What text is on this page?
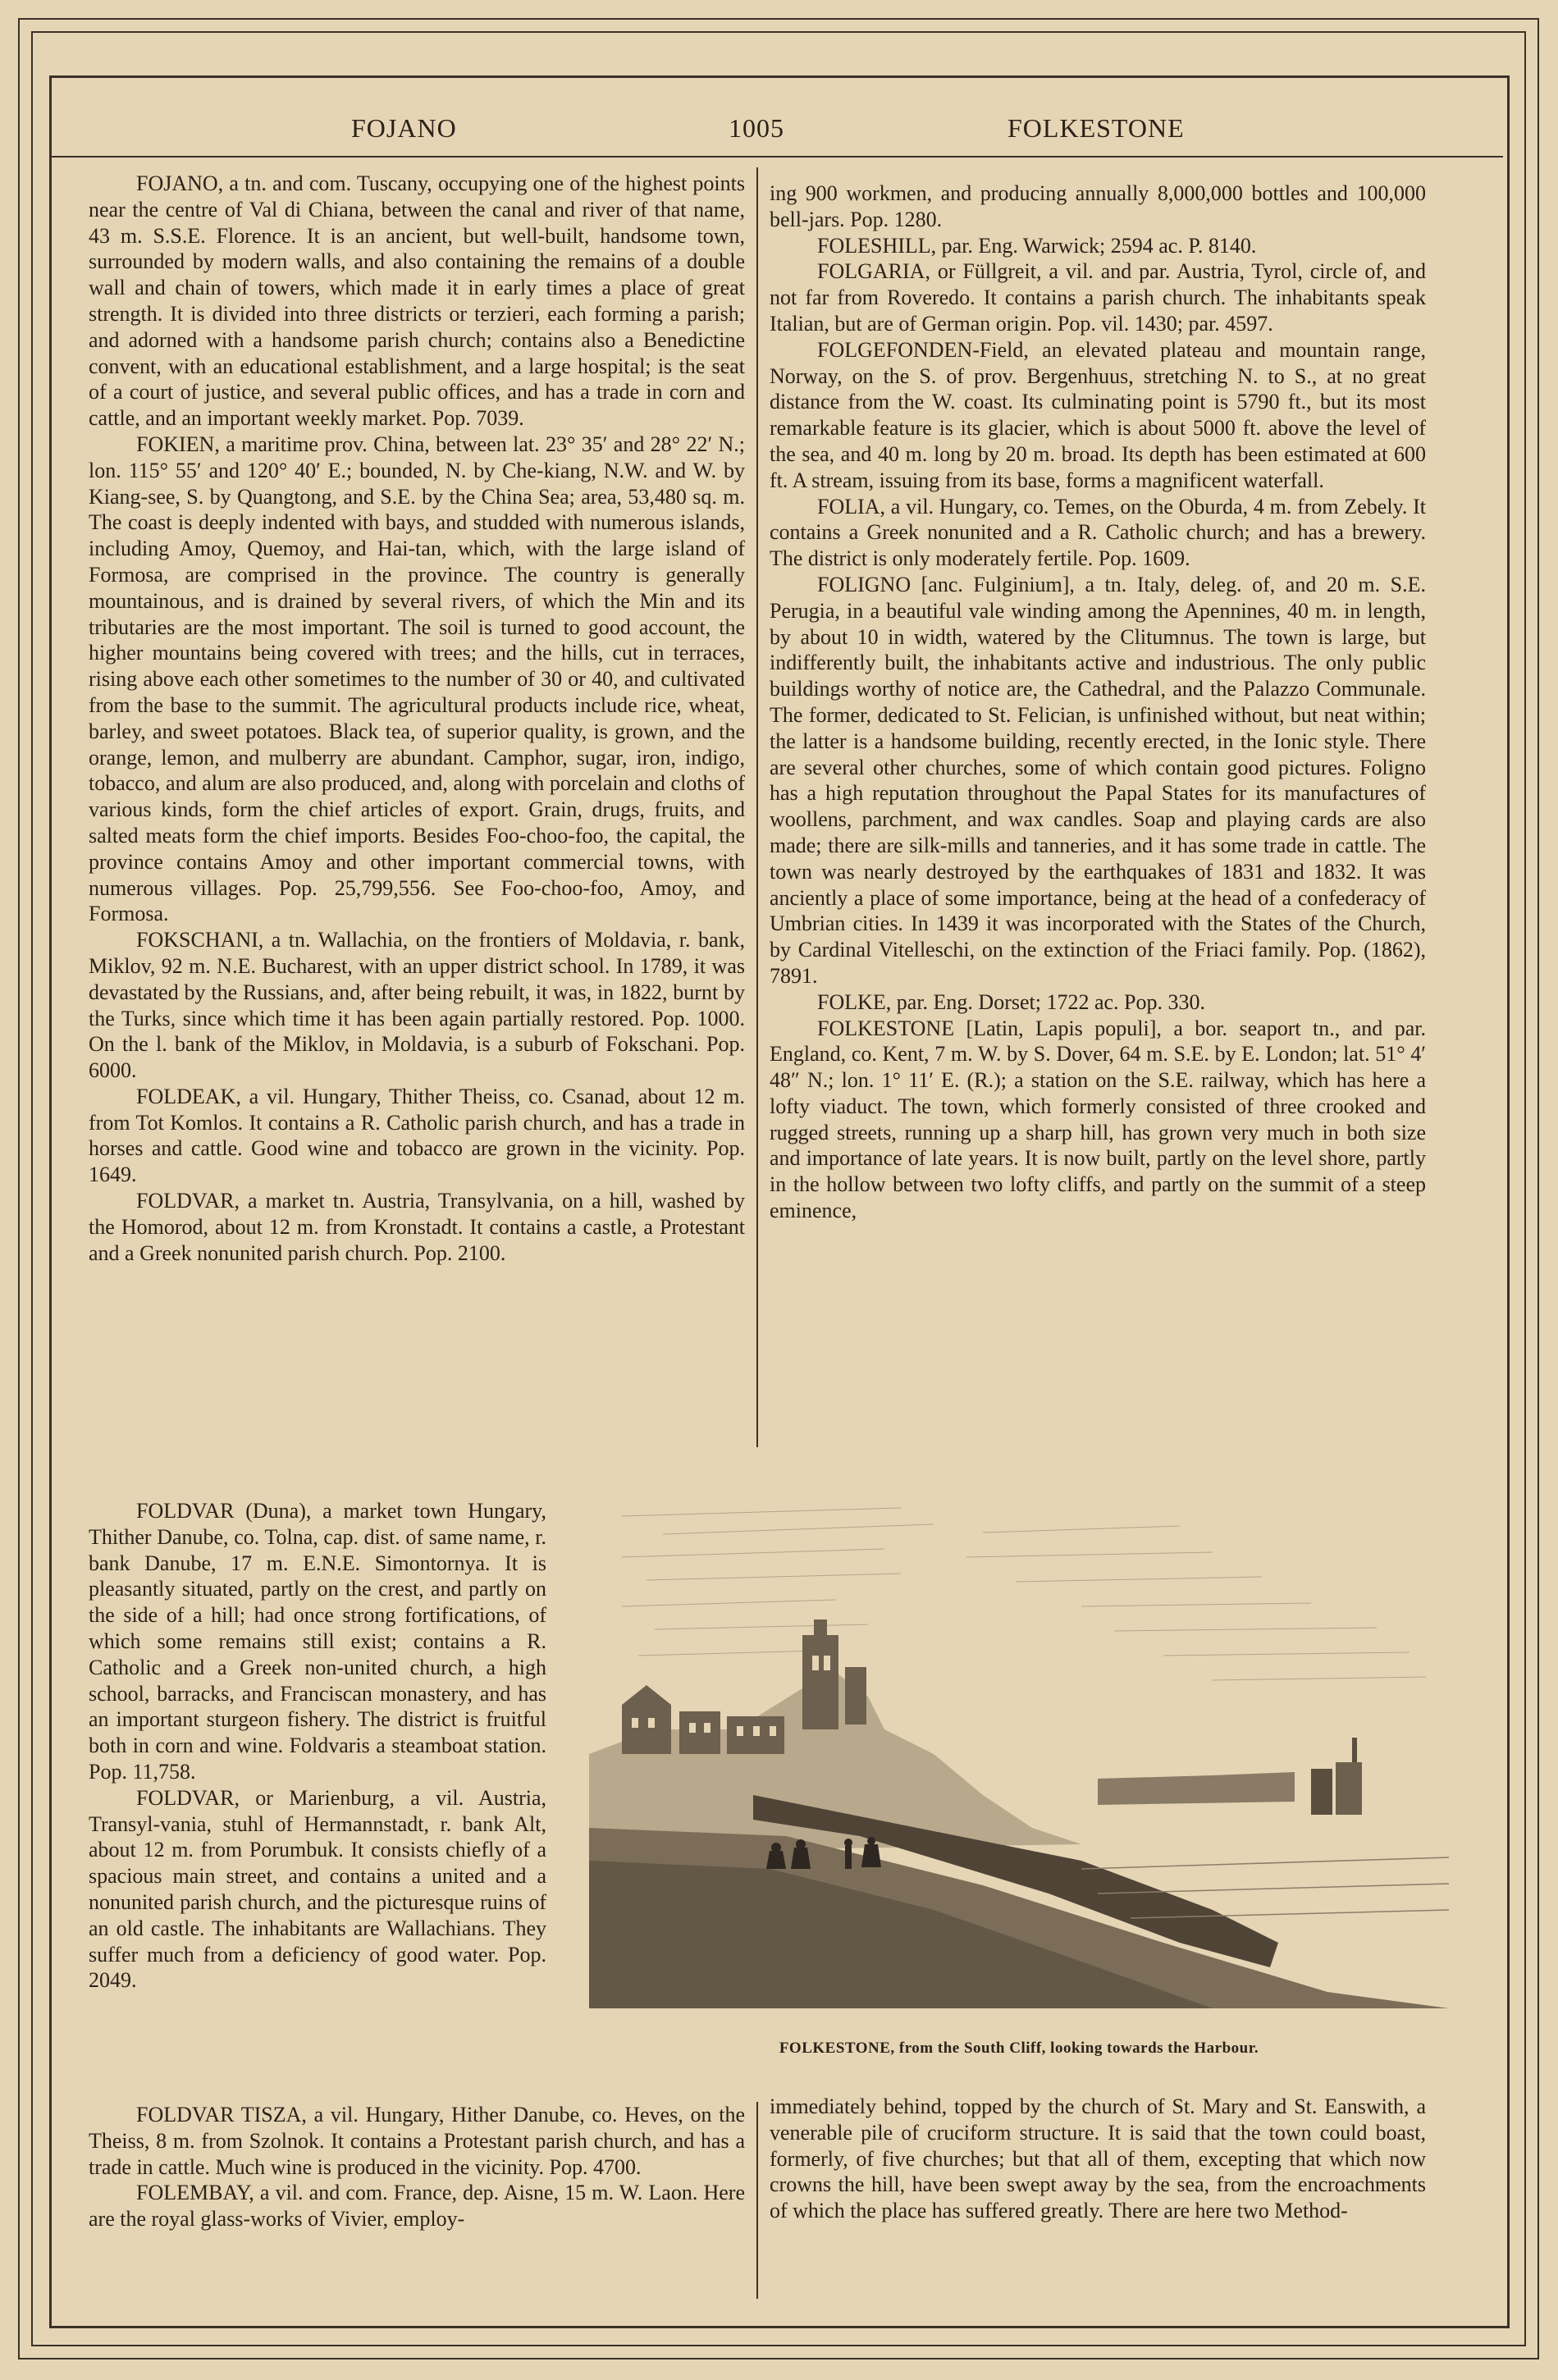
FOJANO	1005	FOLKESTONE

FOJANO, a tn. and com. Tuscany, occupying one of the highest points near the centre of Val di Chiana, between the canal and river of that name, 43 m. S.S.E. Florence. It is an ancient, but well-built, handsome town, surrounded by modern walls, and also containing the remains of a double wall and chain of towers, which made it in early times a place of great strength. It is divided into three districts or terzieri, each forming a parish; and adorned with a handsome parish church; contains also a Benedictine convent, with an educational establishment, and a large hospital; is the seat of a court of justice, and several public offices, and has a trade in corn and cattle, and an important weekly market. Pop. 7039.

FOKIEN, a maritime prov. China, between lat. 23° 35′ and 28° 22′ N.; lon. 115° 55′ and 120° 40′ E.; bounded, N. by Che-kiang, N.W. and W. by Kiang-see, S. by Quangtong, and S.E. by the China Sea; area, 53,480 sq. m. The coast is deeply indented with bays, and studded with numerous islands, including Amoy, Quemoy, and Hai-tan, which, with the large island of Formosa, are comprised in the province. The country is generally mountainous, and is drained by several rivers, of which the Min and its tributaries are the most important. The soil is turned to good account, the higher mountains being covered with trees; and the hills, cut in terraces, rising above each other sometimes to the number of 30 or 40, and cultivated from the base to the summit. The agricultural products include rice, wheat, barley, and sweet potatoes. Black tea, of superior quality, is grown, and the orange, lemon, and mulberry are abundant. Camphor, sugar, iron, indigo, tobacco, and alum are also produced, and, along with porcelain and cloths of various kinds, form the chief articles of export. Grain, drugs, fruits, and salted meats form the chief imports. Besides Foo-choo-foo, the capital, the province contains Amoy and other important commercial towns, with numerous villages. Pop. 25,799,556. See Foo-choo-foo, Amoy, and Formosa.

FOKSCHANI, a tn. Wallachia, on the frontiers of Moldavia, r. bank, Miklov, 92 m. N.E. Bucharest, with an upper district school. In 1789, it was devastated by the Russians, and, after being rebuilt, it was, in 1822, burnt by the Turks, since which time it has been again partially restored. Pop. 1000. On the l. bank of the Miklov, in Moldavia, is a suburb of Fokschani. Pop. 6000.

FOLDEAK, a vil. Hungary, Thither Theiss, co. Csanad, about 12 m. from Tot Komlos. It contains a R. Catholic parish church, and has a trade in horses and cattle. Good wine and tobacco are grown in the vicinity. Pop. 1649.

FOLDVAR, a market tn. Austria, Transylvania, on a hill, washed by the Homorod, about 12 m. from Kronstadt. It contains a castle, a Protestant and a Greek nonunited parish church. Pop. 2100.

FOLDVAR (Duna), a market town Hungary, Thither Danube, co. Tolna, cap. dist. of same name, r. bank Danube, 17 m. E.N.E. Simontornya. It is pleasantly situated, partly on the crest, and partly on the side of a hill; had once strong fortifications, of which some remains still exist; contains a R. Catholic and a Greek non-united church, a high school, barracks, and Franciscan monastery, and has an important sturgeon fishery. The district is fruitful both in corn and wine. Foldvaris a steamboat station. Pop. 11,758.

FOLDVAR, or Marienburg, a vil. Austria, Transyl-vania, stuhl of Hermannstadt, r. bank Alt, about 12 m. from Porumbuk. It consists chiefly of a spacious main street, and contains a united and a nonunited parish church, and the picturesque ruins of an old castle. The inhabitants are Wallachians. They suffer much from a deficiency of good water. Pop. 2049.

FOLDVAR TISZA, a vil. Hungary, Hither Danube, co. Heves, on the Theiss, 8 m. from Szolnok. It contains a Protestant parish church, and has a trade in cattle. Much wine is produced in the vicinity. Pop. 4700.

FOLEMBAY, a vil. and com. France, dep. Aisne, 15 m. W. Laon. Here are the royal glass-works of Vivier, employ-

ing 900 workmen, and producing annually 8,000,000 bottles and 100,000 bell-jars. Pop. 1280.

FOLESHILL, par. Eng. Warwick; 2594 ac. P. 8140.

FOLGARIA, or Füllgreit, a vil. and par. Austria, Tyrol, circle of, and not far from Roveredo. It contains a parish church. The inhabitants speak Italian, but are of German origin. Pop. vil. 1430; par. 4597.

FOLGEFONDEN-Field, an elevated plateau and mountain range, Norway, on the S. of prov. Bergenhuus, stretching N. to S., at no great distance from the W. coast. Its culminating point is 5790 ft., but its most remarkable feature is its glacier, which is about 5000 ft. above the level of the sea, and 40 m. long by 20 m. broad. Its depth has been estimated at 600 ft. A stream, issuing from its base, forms a magnificent waterfall.

FOLIA, a vil. Hungary, co. Temes, on the Oburda, 4 m. from Zebely. It contains a Greek nonunited and a R. Catholic church; and has a brewery. The district is only moderately fertile. Pop. 1609.

FOLIGNO [anc. Fulginium], a tn. Italy, deleg. of, and 20 m. S.E. Perugia, in a beautiful vale winding among the Apennines, 40 m. in length, by about 10 in width, watered by the Clitumnus. The town is large, but indifferently built, the inhabitants active and industrious. The only public buildings worthy of notice are, the Cathedral, and the Palazzo Communale. The former, dedicated to St. Felician, is unfinished without, but neat within; the latter is a handsome building, recently erected, in the Ionic style. There are several other churches, some of which contain good pictures. Foligno has a high reputation throughout the Papal States for its manufactures of woollens, parchment, and wax candles. Soap and playing cards are also made; there are silk-mills and tanneries, and it has some trade in cattle. The town was nearly destroyed by the earthquakes of 1831 and 1832. It was anciently a place of some importance, being at the head of a confederacy of Umbrian cities. In 1439 it was incorporated with the States of the Church, by Cardinal Vitelleschi, on the extinction of the Friaci family. Pop. (1862), 7891.

FOLKE, par. Eng. Dorset; 1722 ac. Pop. 330.

FOLKESTONE [Latin, Lapis populi], a bor. seaport tn., and par. England, co. Kent, 7 m. W. by S. Dover, 64 m. S.E. by E. London; lat. 51° 4′ 48″ N.; lon. 1° 11′ E. (R.); a station on the S.E. railway, which has here a lofty viaduct. The town, which formerly consisted of three crooked and rugged streets, running up a sharp hill, has grown very much in both size and importance of late years. It is now built, partly on the level shore, partly in the hollow between two lofty cliffs, and partly on the summit of a steep eminence,

immediately behind, topped by the church of St. Mary and St. Eanswith, a venerable pile of cruciform structure. It is said that the town could boast, formerly, of five churches; but that all of them, excepting that which now crowns the hill, have been swept away by the sea, from the encroachments of which the place has suffered greatly. There are here two Method-

FOLKESTONE, from the South Cliff, looking towards the Harbour.
